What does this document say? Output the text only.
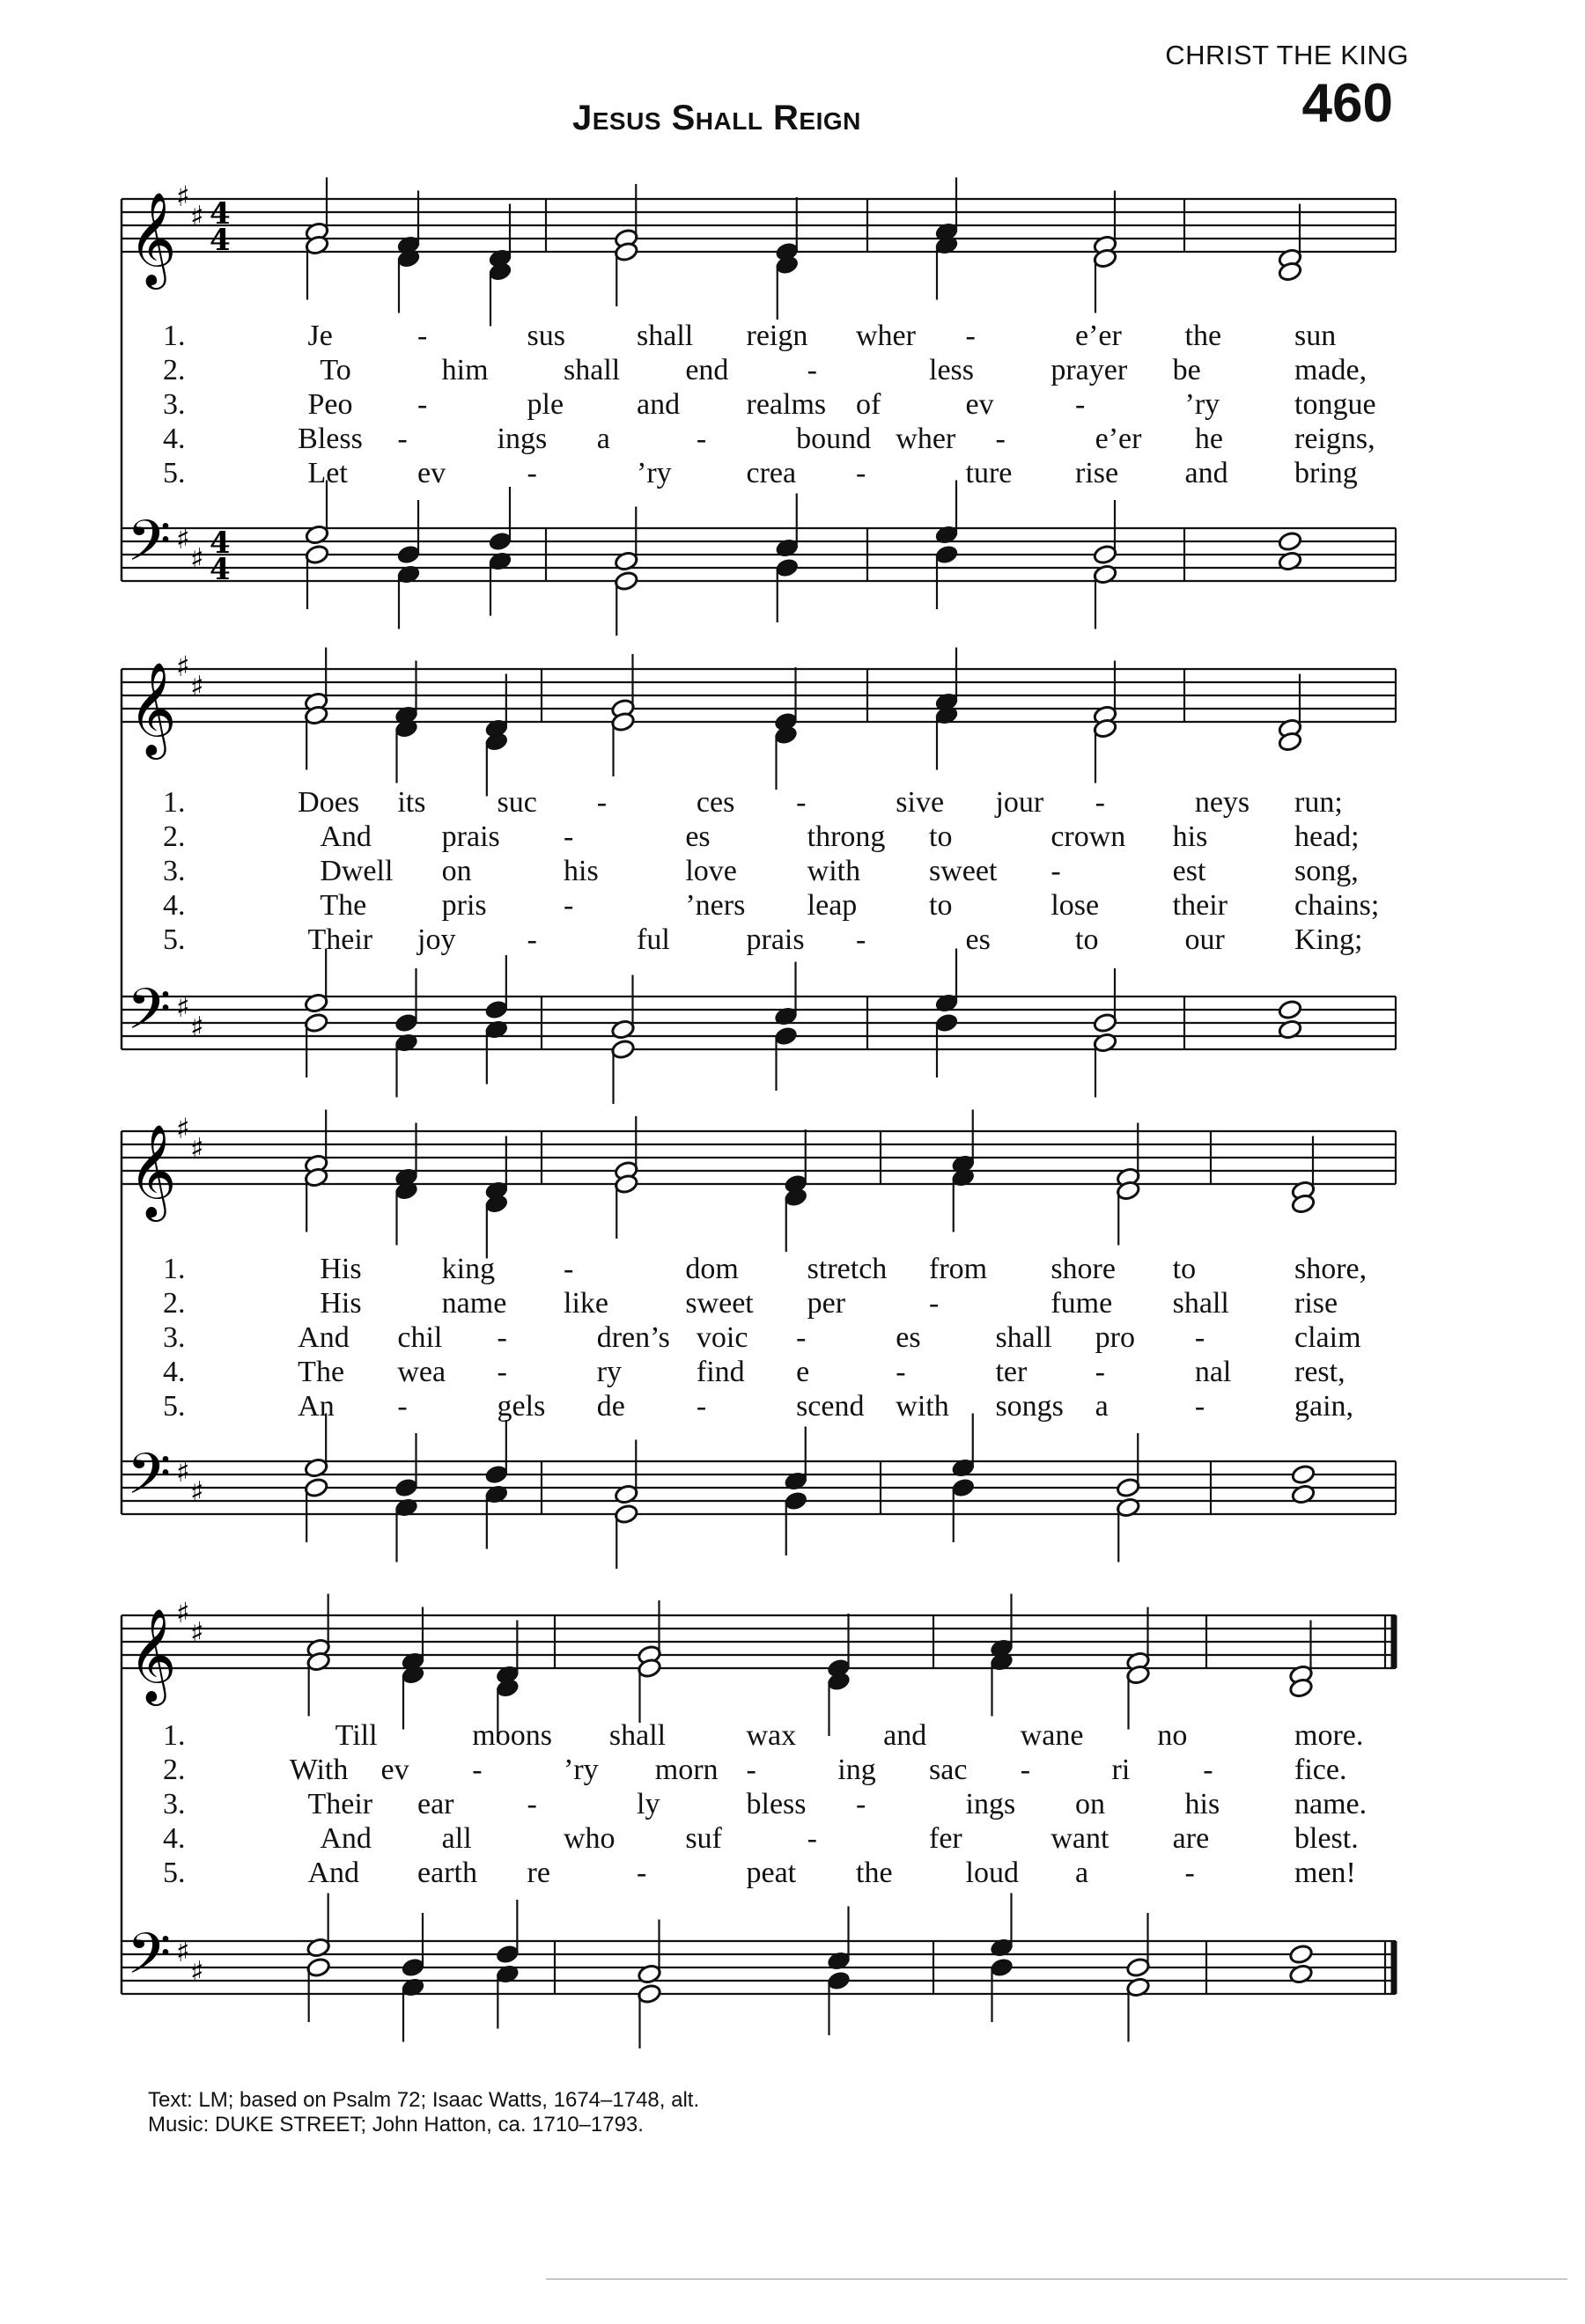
CHRIST THE KING
460
Jesus Shall Reign
𝄞 ♯
♯ 4
4
𝄢 ♯
♯ 4
4
𝄞 ♯
♯
𝄢 ♯
♯
𝄞 ♯
♯
𝄢 ♯
♯
𝄞 ♯
♯
𝄢 ♯
♯
1.	Je	-	sus shall reign wher -	e’er the sun
2.	To	him	shall end	-	less	prayer be	made,
3.	Peo -	ple and realms of	ev	-	’ry tongue
4.	Bless -	ings a	-	bound wher -	e’er he reigns,
5.	Let ev	-	’ry crea -	ture rise and bring
1.	Does its suc -	ces -	sive jour -	neys run;
2.	And prais -	es	throng to	crown his	head;
3.	Dwell on	his	love with sweet -	est	song,
4.	The	pris	-	’ners leap to	lose their chains;
5.	Their joy -	ful	prais -	es	to	our King;
1.	His	king -	dom stretch from shore to	shore,
2.	His	name like	sweet per	-	fume shall rise
3.	And chil -	dren’s voic -	es shall pro -	claim
4.	The wea -	ry find e	-	ter -	nal rest,
5.	An -	gels de -	scend with songs a	-	gain,
1.	Till	moons shall	wax	and	wane no	more.
2.	With ev -	’ry morn -	ing sac -	ri -	fice.
3.	Their ear -	ly	bless -	ings on	his name.
4.	And all	who suf	-	fer	want are	blest.
5.	And earth re	-	peat the loud a	-	men!
Text: LM; based on Psalm 72; Isaac Watts, 1674–1748, alt.
Music: DUKE STREET; John Hatton, ca. 1710–1793.
